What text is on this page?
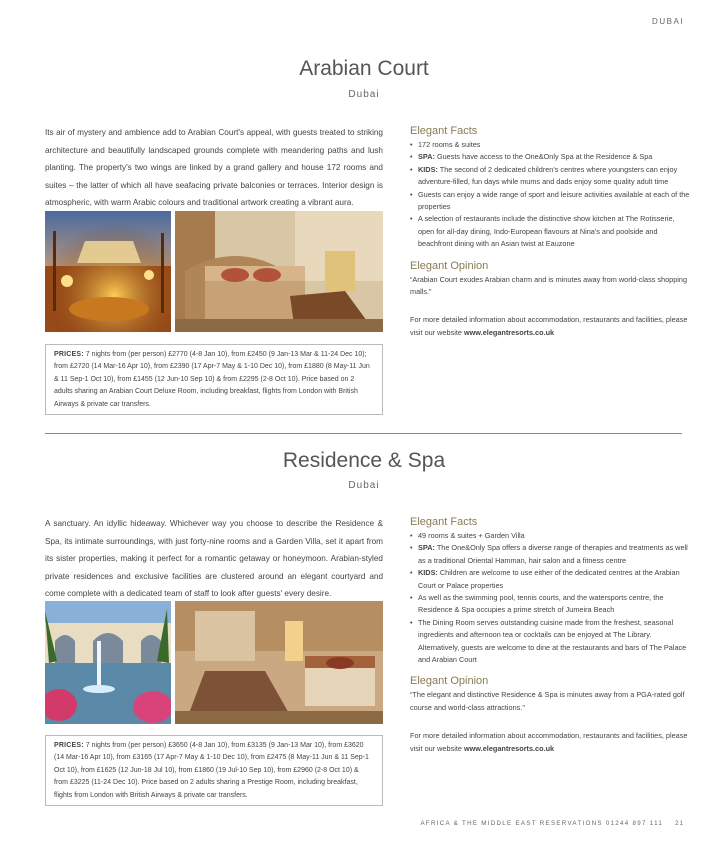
DUBAI
Arabian Court
Dubai
Its air of mystery and ambience add to Arabian Court's appeal, with guests treated to striking architecture and beautifully landscaped grounds complete with meandering paths and lush planting. The property's two wings are linked by a grand gallery and house 172 rooms and suites – the latter of which all have seafacing private balconies or terraces. Interior design is atmospheric, with warm Arabic colours and traditional artwork creating a vibrant aura.
PRICES: 7 nights from (per person) £2770 (4-8 Jan 10), from £2450 (9 Jan-13 Mar & 11-24 Dec 10); from £2720 (14 Mar-16 Apr 10), from £2390 (17 Apr-7 May & 1-10 Dec 10), from £1880 (8 May-11 Jun & 11 Sep-1 Oct 10), from £1455 (12 Jun-10 Sep 10) & from £2295 (2-8 Oct 10). Price based on 2 adults sharing an Arabian Court Deluxe Room, including breakfast, flights from London with British Airways & private car transfers.
Elegant Facts
• 172 rooms & suites
• SPA: Guests have access to the One&Only Spa at the Residence & Spa
• KIDS: The second of 2 dedicated children's centres where youngsters can enjoy adventure-filled, fun days while mums and dads enjoy some quality adult time
• Guests can enjoy a wide range of sport and leisure activities available at each of the properties
• A selection of restaurants include the distinctive show kitchen at The Rotisserie, open for all-day dining, Indo-European flavours at Nina's and poolside and beachfront dining with an Asian twist at Eauzone
Elegant Opinion
“Arabian Court exudes Arabian charm and is minutes away from world-class shopping malls.”
For more detailed information about accommodation, restaurants and facilities, please visit our website www.elegantresorts.co.uk
Residence & Spa
Dubai
A sanctuary. An idyllic hideaway. Whichever way you choose to describe the Residence & Spa, its intimate surroundings, with just forty-nine rooms and a Garden Villa, set it apart from its sister properties, making it perfect for a romantic getaway or honeymoon. Arabian-styled private residences and exclusive facilities are clustered around an elegant courtyard and come complete with a dedicated team of staff to look after guests' every desire.
PRICES: 7 nights from (per person) £3650 (4-8 Jan 10), from £3135 (9 Jan-13 Mar 10), from £3620 (14 Mar-16 Apr 10), from £3165 (17 Apr-7 May & 1-10 Dec 10), from £2475 (8 May-11 Jun & 11 Sep-1 Oct 10), from £1625 (12 Jun-18 Jul 10), from £1860 (19 Jul-10 Sep 10), from £2960 (2-8 Oct 10) & from £3225 (11-24 Dec 10). Price based on 2 adults sharing a Prestige Room, including breakfast, flights from London with British Airways & private car transfers.
Elegant Facts
• 49 rooms & suites + Garden Villa
• SPA: The One&Only Spa offers a diverse range of therapies and treatments as well as a traditional Oriental Hamman, hair salon and a fitness centre
• KIDS: Children are welcome to use either of the dedicated centres at the Arabian Court or Palace properties
• As well as the swimming pool, tennis courts, and the watersports centre, the Residence & Spa occupies a prime stretch of Jumeira Beach
• The Dining Room serves outstanding cuisine made from the freshest, seasonal ingredients and afternoon tea or cocktails can be enjoyed at The Library. Alternatively, guests are welcome to dine at the restaurants and bars of The Palace and Arabian Court
Elegant Opinion
“The elegant and distinctive Residence & Spa is minutes away from a PGA-rated golf course and world-class attractions.”
For more detailed information about accommodation, restaurants and facilities, please visit our website www.elegantresorts.co.uk
AFRICA & THE MIDDLE EAST RESERVATIONS 01244 897 111 21
